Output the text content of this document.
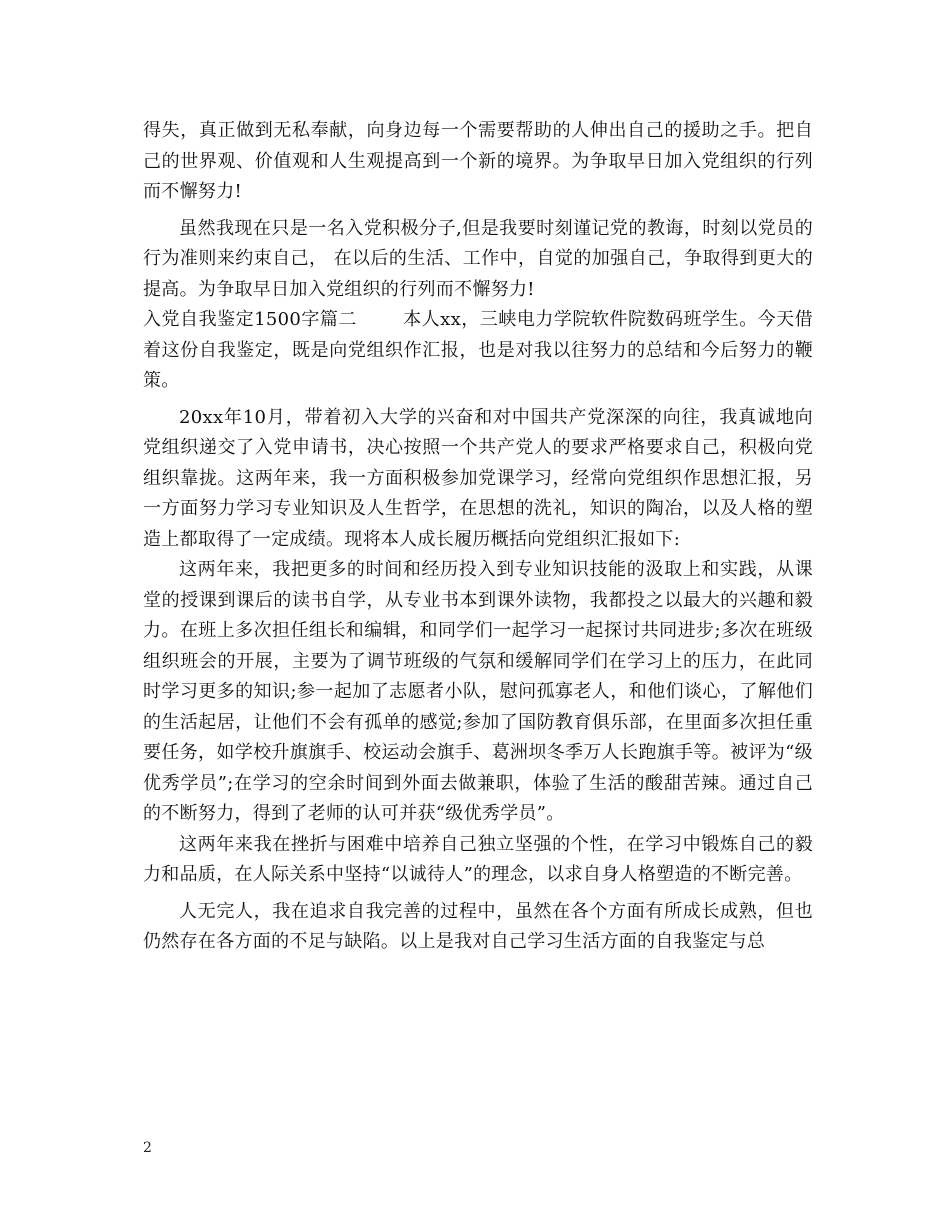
得失，真正做到无私奉献，向身边每一个需要帮助的人伸出自己的援助之手。把自己的世界观、价值观和人生观提高到一个新的境界。为争取早日加入党组织的行列而不懈努力!

虽然我现在只是一名入党积极分子,但是我要时刻谨记党的教诲，时刻以党员的行为准则来约束自己， 在以后的生活、工作中，自觉的加强自己，争取得到更大的提高。为争取早日加入党组织的行列而不懈努力!

入党自我鉴定1500字篇二	本人xx，三峡电力学院软件院数码班学生。今天借着这份自我鉴定，既是向党组织作汇报，也是对我以往努力的总结和今后努力的鞭策。

20xx年10月，带着初入大学的兴奋和对中国共产党深深的向往，我真诚地向党组织递交了入党申请书，决心按照一个共产党人的要求严格要求自己，积极向党组织靠拢。这两年来，我一方面积极参加党课学习，经常向党组织作思想汇报，另一方面努力学习专业知识及人生哲学，在思想的洗礼，知识的陶冶，以及人格的塑造上都取得了一定成绩。现将本人成长履历概括向党组织汇报如下:

这两年来，我把更多的时间和经历投入到专业知识技能的汲取上和实践，从课堂的授课到课后的读书自学，从专业书本到课外读物，我都投之以最大的兴趣和毅力。在班上多次担任组长和编辑，和同学们一起学习一起探讨共同进步;多次在班级组织班会的开展，主要为了调节班级的气氛和缓解同学们在学习上的压力，在此同时学习更多的知识;参一起加了志愿者小队，慰问孤寡老人，和他们谈心，了解他们的生活起居，让他们不会有孤单的感觉;参加了国防教育俱乐部，在里面多次担任重要任务，如学校升旗旗手、校运动会旗手、葛洲坝冬季万人长跑旗手等。被评为“级优秀学员”;在学习的空余时间到外面去做兼职，体验了生活的酸甜苦辣。通过自己的不断努力，得到了老师的认可并获“级优秀学员”。

这两年来我在挫折与困难中培养自己独立坚强的个性，在学习中锻炼自己的毅力和品质，在人际关系中坚持“以诚待人”的理念，以求自身人格塑造的不断完善。

人无完人，我在追求自我完善的过程中，虽然在各个方面有所成长成熟，但也仍然存在各方面的不足与缺陷。以上是我对自己学习生活方面的自我鉴定与总

2
